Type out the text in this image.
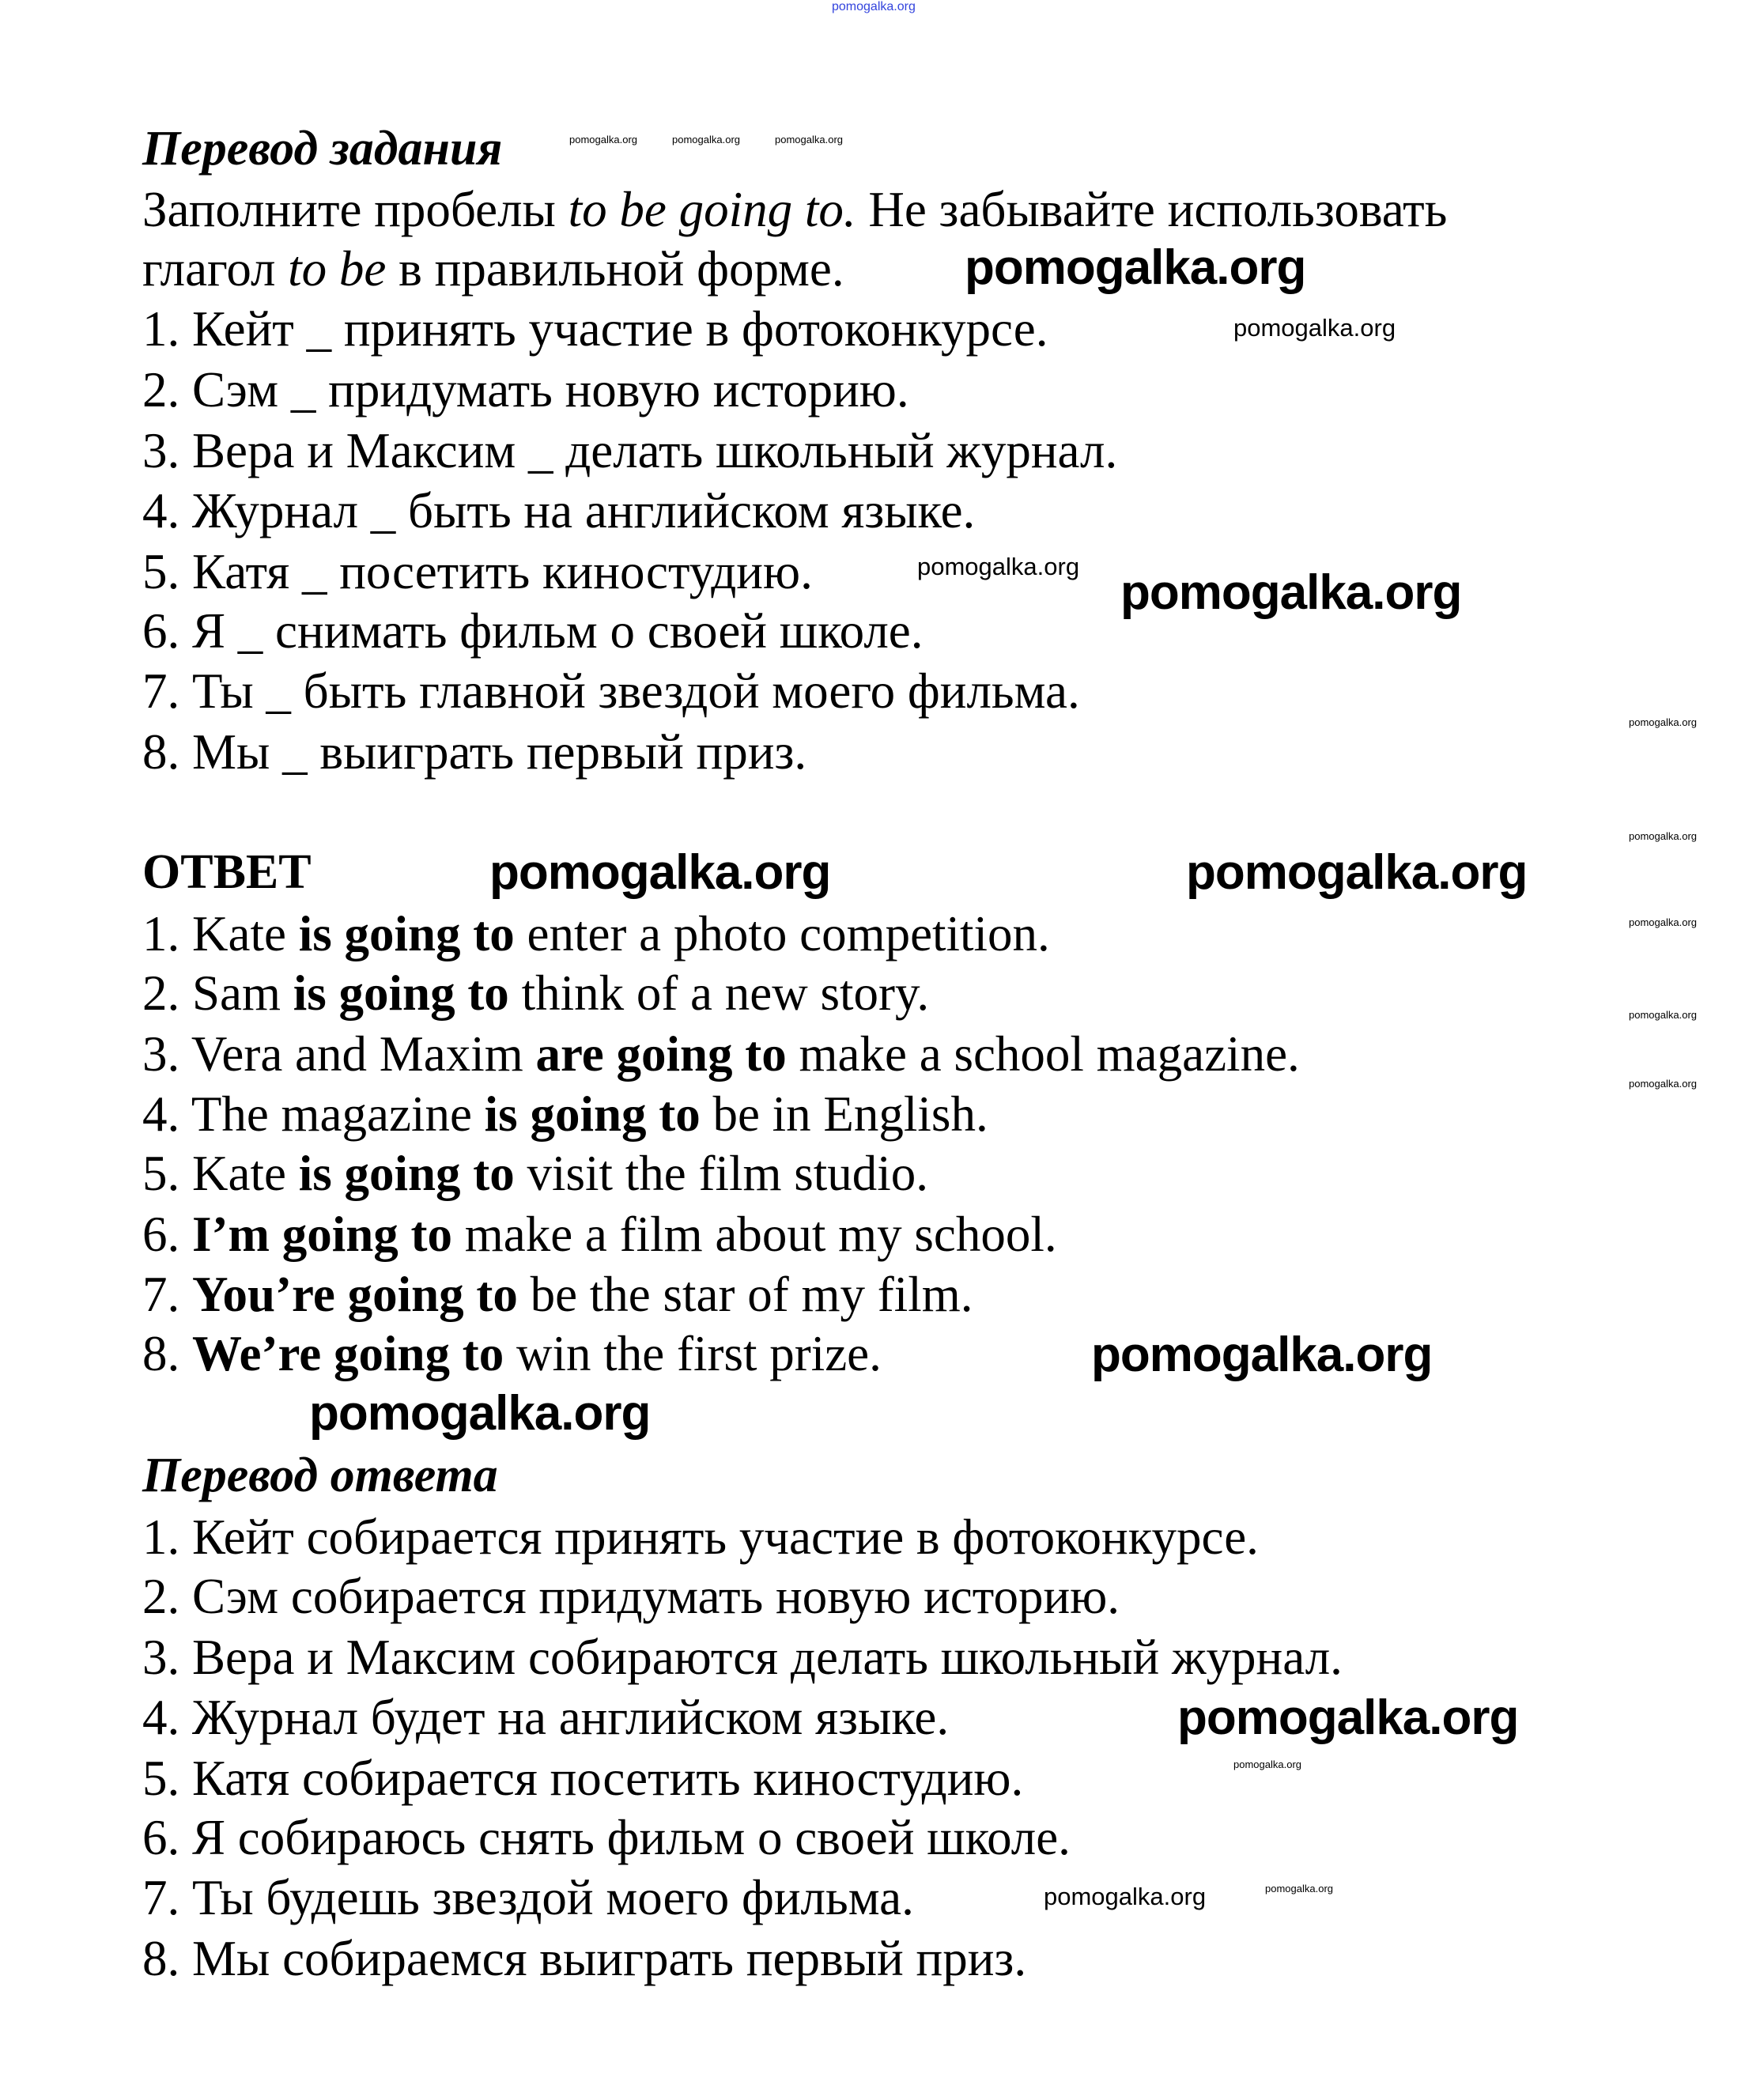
Перевод задания
Заполните пробелы to be going to. Не забывайте использовать
глагол to be в правильной форме.
1. Кейт _ принять участие в фотоконкурсе.
2. Сэм _ придумать новую историю.
3. Вера и Максим _ делать школьный журнал.
4. Журнал _ быть на английском языке.
5. Катя _ посетить киностудию.
6. Я _ снимать фильм о своей школе.
7. Ты _ быть главной звездой моего фильма.
8. Мы _ выиграть первый приз.
ОТВЕТ
1. Kate is going to enter a photo competition.
2. Sam is going to think of a new story.
3. Vera and Maxim are going to make a school magazine.
4. The magazine is going to be in English.
5. Kate is going to visit the film studio.
6. I’m going to make a film about my school.
7. You’re going to be the star of my film.
8. We’re going to win the first prize.
Перевод ответа
1. Кейт собирается принять участие в фотоконкурсе.
2. Сэм собирается придумать новую историю.
3. Вера и Максим собираются делать школьный журнал.
4. Журнал будет на английском языке.
5. Катя собирается посетить киностудию.
6. Я собираюсь снять фильм о своей школе.
7. Ты будешь звездой моего фильма.
8. Мы собираемся выиграть первый приз.
pomogalka.org
pomogalka.org
pomogalka.org
pomogalka.org	pomogalka.org
pomogalka.org
pomogalka.org
pomogalka.org
pomogalka.org
pomogalka.org
pomogalka.org
pomogalka.org	pomogalka.org	pomogalka.org
pomogalka.org
pomogalka.org
pomogalka.org
pomogalka.org
pomogalka.org
pomogalka.org
pomogalka.org
